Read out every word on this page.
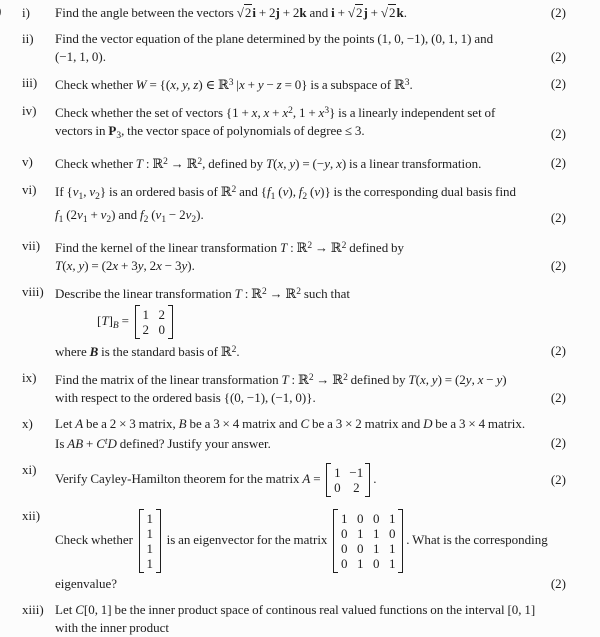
i)	Find the angle between the vectors √2i + 2j + 2k and i + √2j + √2k.	(2)
ii)	Find the vector equation of the plane determined by the points (1, 0, −1), (0, 1, 1) and
(−1, 1, 0).	(2)
iii)	Check whether W = {(x, y, z) ∈ ℝ$^3$ |x + y − z = 0} is a subspace of ℝ$^3$.	(2)
iv)	Check whether the set of vectors {1 + x, $x + x^2$, $1 + x^3$} is a linearly independent set of
vectors in $P_3$, the vector space of polynomials of degree ≤ 3.	(2)
v)	Check whether T : ℝ$^2$ → ℝ$^2$, defined by T(x, y) = (−y, x) is a linear transformation.	(2)
vi)	If {$v_1$, $v_2$} is an ordered basis of ℝ$^2$ and {$f_1$ (v), $f_2$ (v)} is the corresponding dual basis find
$f_1$ $(2v_1 + v_2)$ and $f_2$ $(v_1 - 2v_2)$.	(2)
vii)	Find the kernel of the linear transformation T : ℝ$^2$ → ℝ$^2$ defined by
T(x, y) = (2x + 3y, 2x − 3y).	(2)
viii) Describe the linear transformation T : ℝ$^2$ → ℝ$^2$ such that
$[T]_B = 1$ 2
2 0
where B is the standard basis of ℝ$^2$.	(2)
ix)	Find the matrix of the linear transformation T : ℝ$^2$ → ℝ$^2$ defined by T(x, y) = (2y, x − y)
with respect to the ordered basis {(0, −1), (−1, 0)}.	(2)
x)	Let A be a 2 × 3 matrix, B be a 3 × 4 matrix and C be a 3 × 2 matrix and D be a 3 × 4 matrix.
Is AB + $C^tD$ defined? Justify your answer.	(2)
xi)
Verify Cayley-Hamilton theorem for the matrix A = 1 −1
0 2
.	(2)
xii)
Check whether
1
1
1
1
is an eigenvector for the matrix
1 0 0 1
0 1 1 0
0 0 1 1
0 1 0 1
. What is the corresponding
eigenvalue?	(2)
xiii) Let C[0, 1] be the inner product space of continous real valued functions on the interval [0, 1]
with the inner product
